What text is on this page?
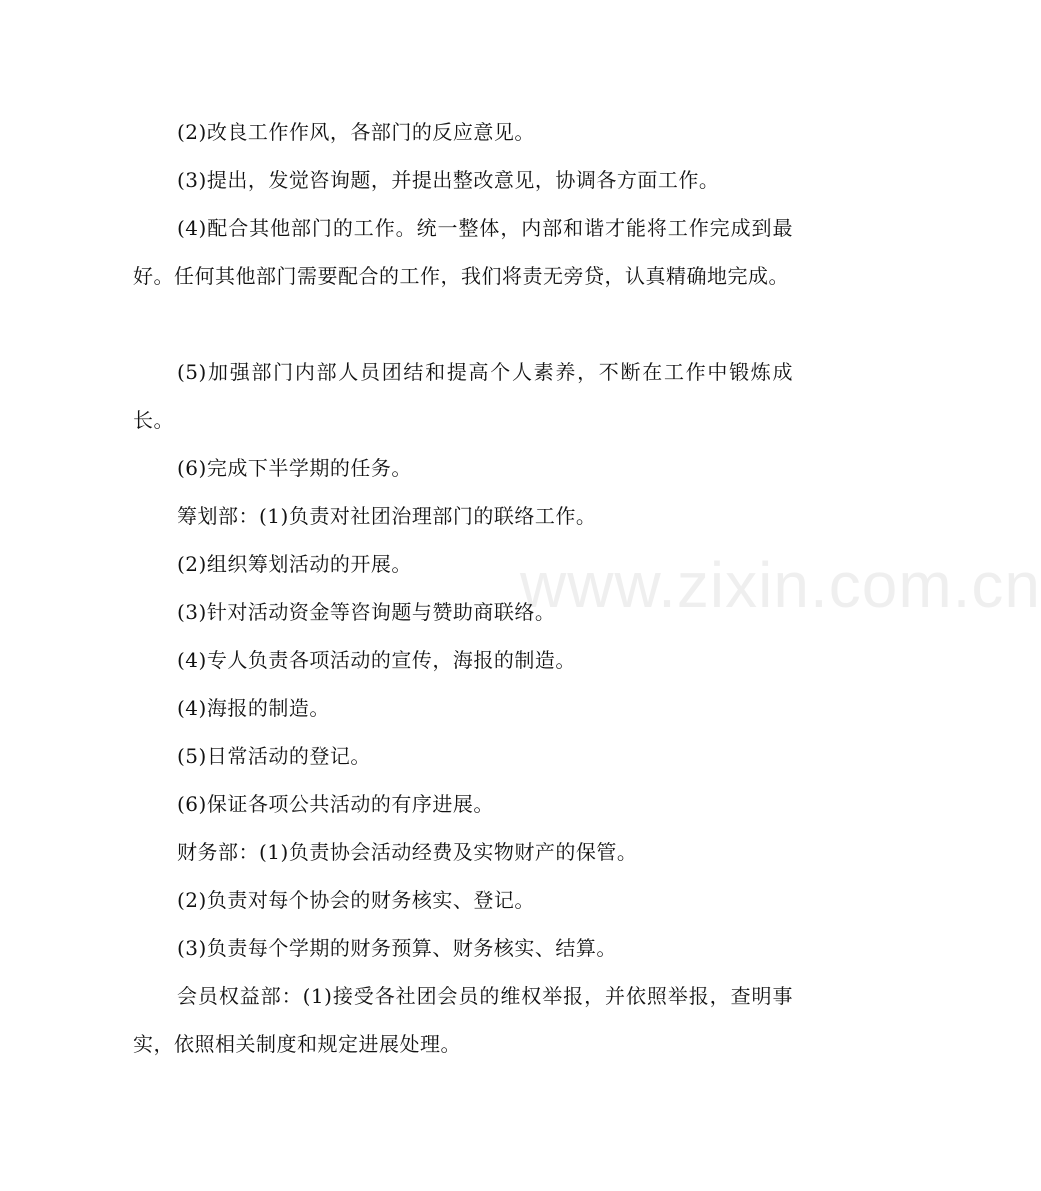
www.zixin.com.cn

(2)改良工作作风，各部门的反应意见。

(3)提出，发觉咨询题，并提出整改意见，协调各方面工作。

(4)配合其他部门的工作。统一整体，内部和谐才能将工作完成到最好。任何其他部门需要配合的工作，我们将责无旁贷，认真精确地完成。

(5)加强部门内部人员团结和提高个人素养，不断在工作中锻炼成长。

(6)完成下半学期的任务。

筹划部：(1)负责对社团治理部门的联络工作。

(2)组织筹划活动的开展。

(3)针对活动资金等咨询题与赞助商联络。

(4)专人负责各项活动的宣传，海报的制造。

(4)海报的制造。

(5)日常活动的登记。

(6)保证各项公共活动的有序进展。

财务部：(1)负责协会活动经费及实物财产的保管。

(2)负责对每个协会的财务核实、登记。

(3)负责每个学期的财务预算、财务核实、结算。

会员权益部：(1)接受各社团会员的维权举报，并依照举报，查明事实，依照相关制度和规定进展处理。
